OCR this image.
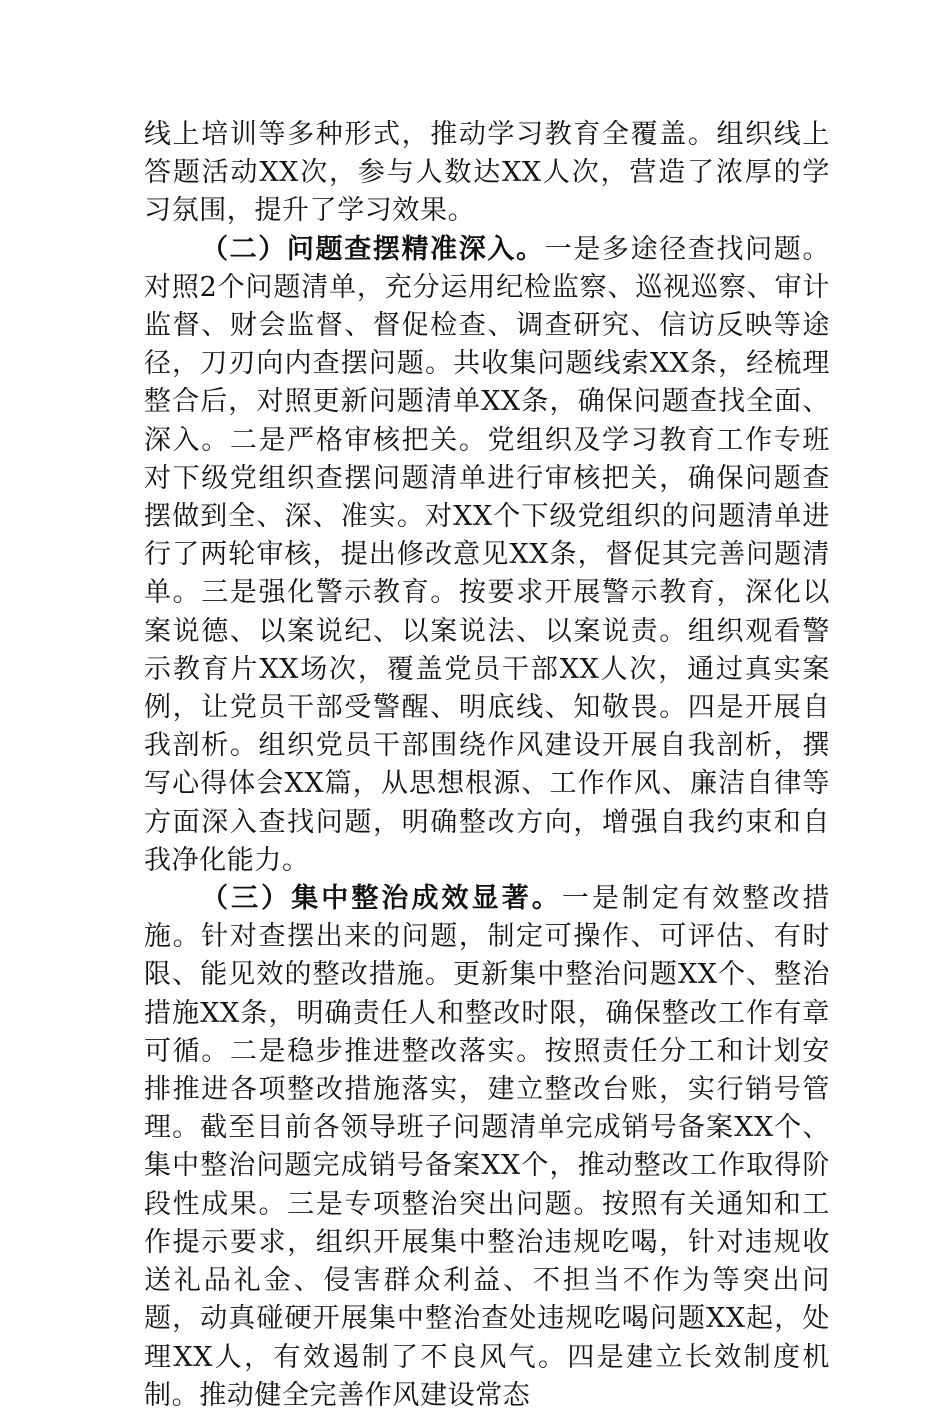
线上培训等多种形式，推动学习教育全覆盖。组织线上答题活动XX次，参与人数达XX人次，营造了浓厚的学习氛围，提升了学习效果。

（二）问题查摆精准深入。一是多途径查找问题。对照2个问题清单，充分运用纪检监察、巡视巡察、审计监督、财会监督、督促检查、调查研究、信访反映等途径，刀刃向内查摆问题。共收集问题线索XX条，经梳理整合后，对照更新问题清单XX条，确保问题查找全面、深入。二是严格审核把关。党组织及学习教育工作专班对下级党组织查摆问题清单进行审核把关，确保问题查摆做到全、深、准实。对XX个下级党组织的问题清单进行了两轮审核，提出修改意见XX条，督促其完善问题清单。三是强化警示教育。按要求开展警示教育，深化以案说德、以案说纪、以案说法、以案说责。组织观看警示教育片XX场次，覆盖党员干部XX人次，通过真实案例，让党员干部受警醒、明底线、知敬畏。四是开展自我剖析。组织党员干部围绕作风建设开展自我剖析，撰写心得体会XX篇，从思想根源、工作作风、廉洁自律等方面深入查找问题，明确整改方向，增强自我约束和自我净化能力。

（三）集中整治成效显著。一是制定有效整改措施。针对查摆出来的问题，制定可操作、可评估、有时限、能见效的整改措施。更新集中整治问题XX个、整治措施XX条，明确责任人和整改时限，确保整改工作有章可循。二是稳步推进整改落实。按照责任分工和计划安排推进各项整改措施落实，建立整改台账，实行销号管理。截至目前各领导班子问题清单完成销号备案XX个、集中整治问题完成销号备案XX个，推动整改工作取得阶段性成果。三是专项整治突出问题。按照有关通知和工作提示要求，组织开展集中整治违规吃喝，针对违规收送礼品礼金、侵害群众利益、不担当不作为等突出问题，动真碰硬开展集中整治查处违规吃喝问题XX起，处理XX人，有效遏制了不良风气。四是建立长效制度机制。推动健全完善作风建设常态
